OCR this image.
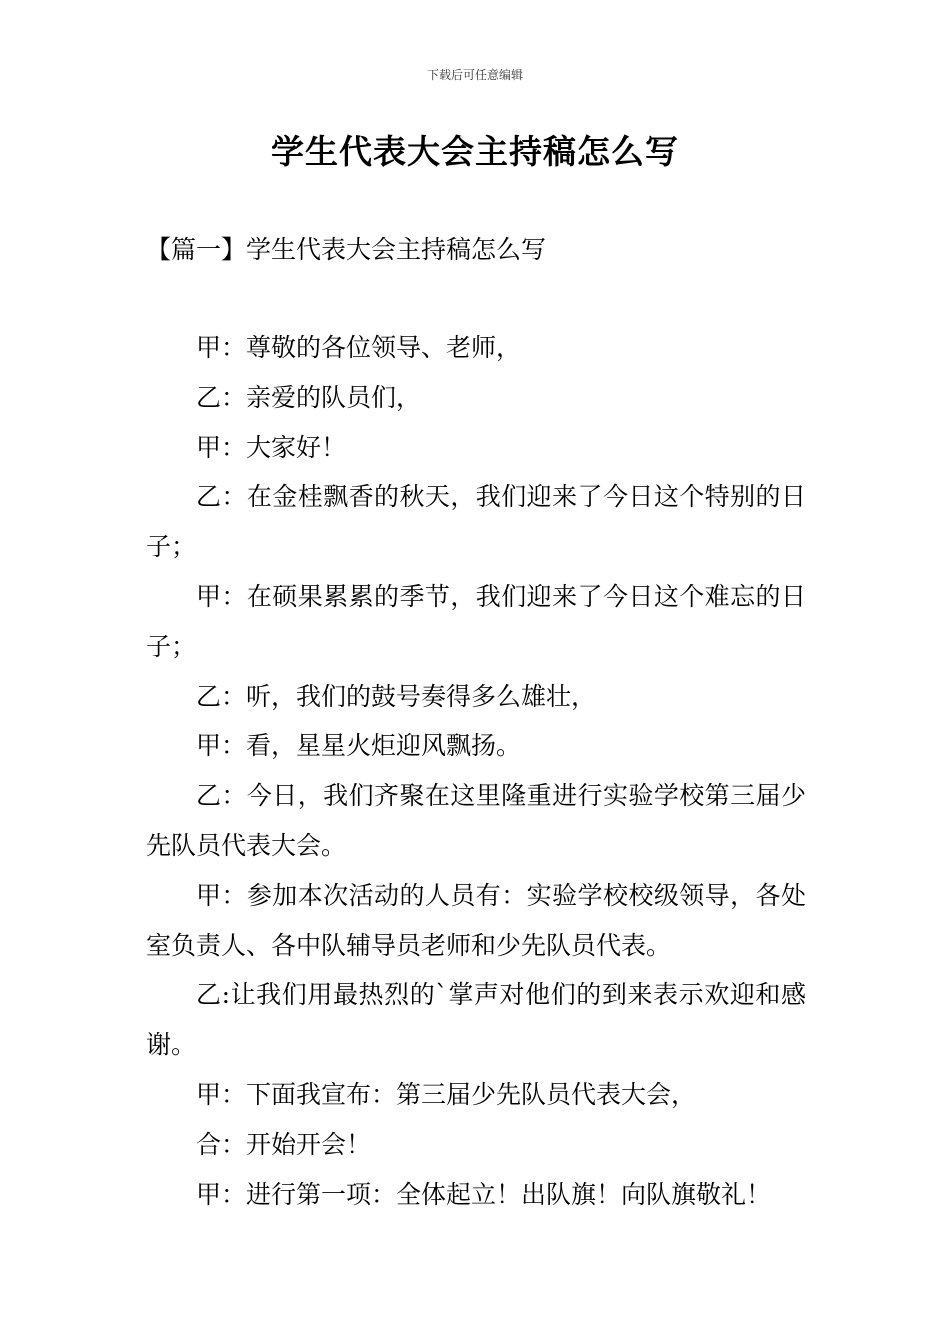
下载后可任意编辑
学生代表大会主持稿怎么写
【篇一】学生代表大会主持稿怎么写

甲：尊敬的各位领导、老师，

乙：亲爱的队员们，

甲：大家好！

乙：在金桂飘香的秋天，我们迎来了今日这个特别的日子；

甲：在硕果累累的季节，我们迎来了今日这个难忘的日子；

乙：听，我们的鼓号奏得多么雄壮，

甲：看，星星火炬迎风飘扬。

乙：今日，我们齐聚在这里隆重进行实验学校第三届少先队员代表大会。

甲：参加本次活动的人员有：实验学校校级领导，各处室负责人、各中队辅导员老师和少先队员代表。

乙:让我们用最热烈的`掌声对他们的到来表示欢迎和感谢。

甲：下面我宣布：第三届少先队员代表大会，

合：开始开会！

甲：进行第一项：全体起立！出队旗！向队旗敬礼！
